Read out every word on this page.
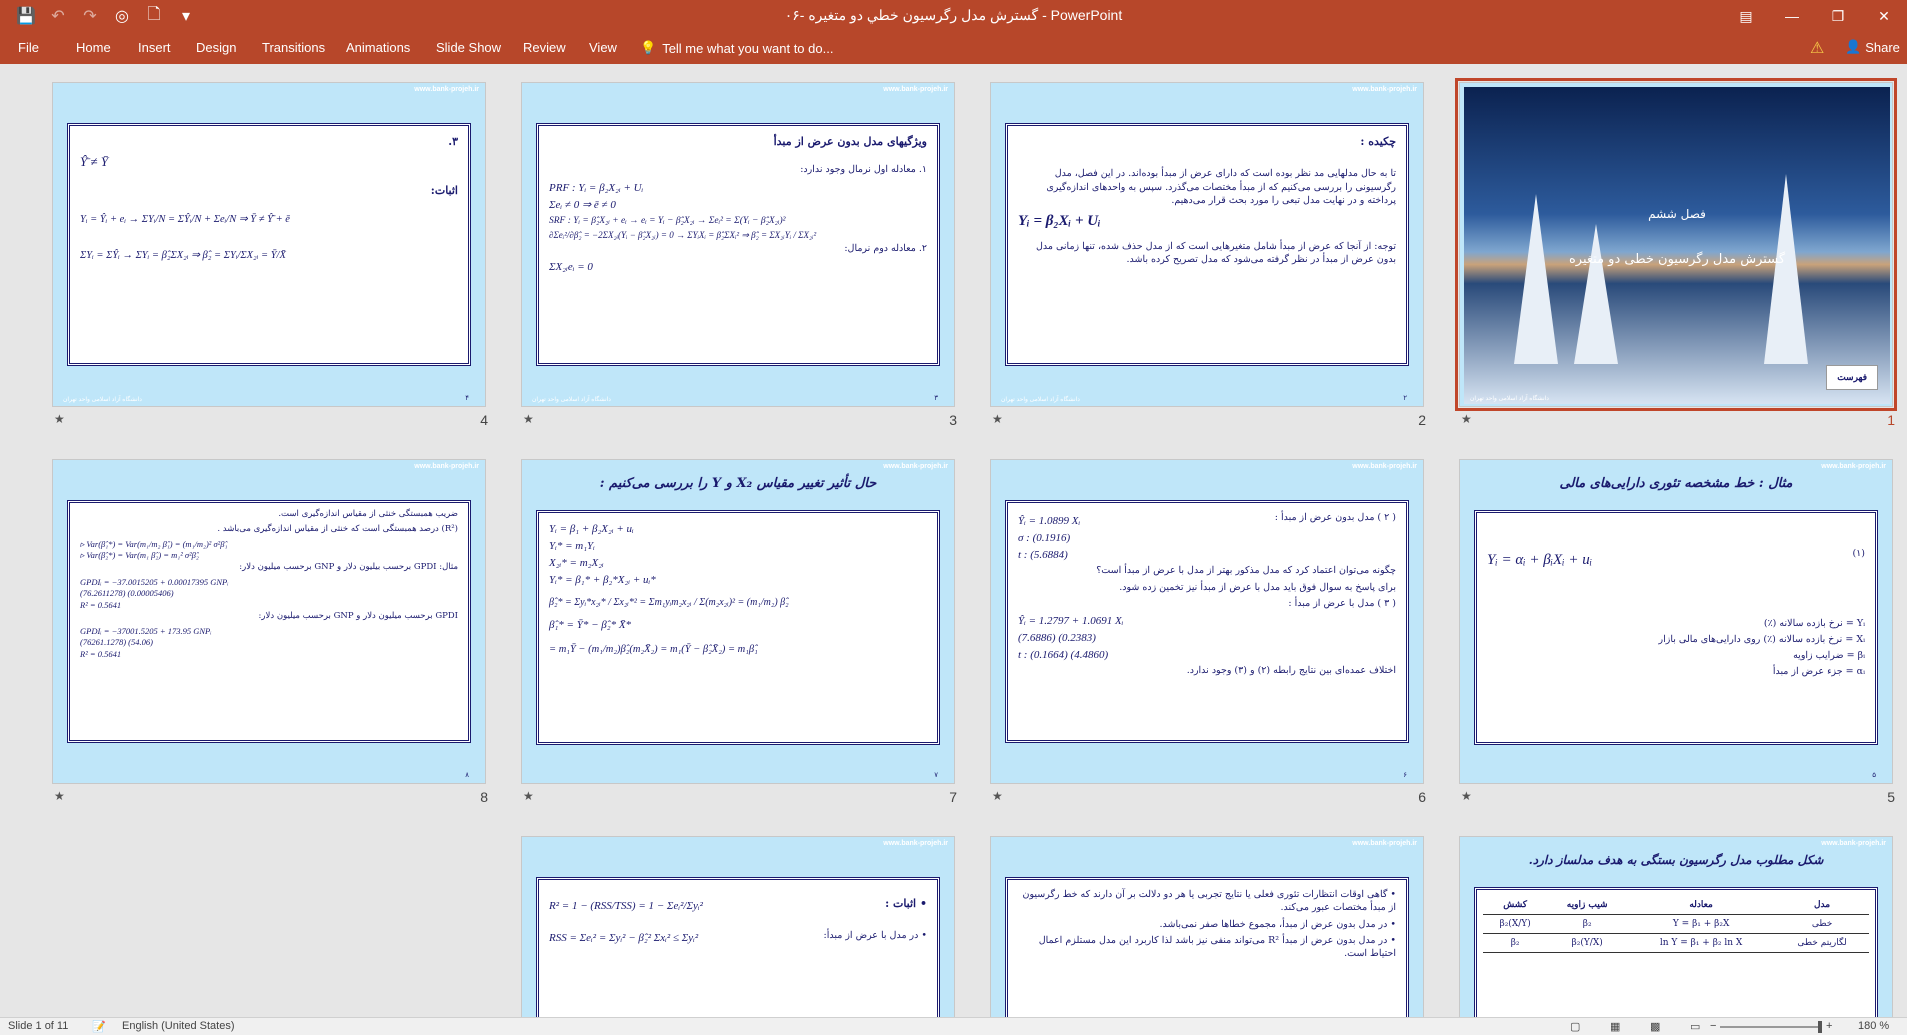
💾 ↶	↷	◎	🗋	▾	۰۶- گسترش مدل رگرسیون خطي دو متغيره - PowerPoint	▤	—	❐	✕
File	Home Insert Design Transitions Animations Slide Show Review View 💡 Tell me what you want to do...	⚠ 👤 Share
فصل ششم
گسترش مدل رگرسیون خطی دو متغیره
فهرست
دانشگاه آزاد اسلامی واحد تهران
★	1
www.bank-projeh.ir

چکیده :

تا به حال مدلهایی مد نظر بوده است که دارای عرض از مبدأ بوده‌اند. در این فصل، مدل رگرسیونی را بررسی می‌کنیم که از مبدأ مختصات می‌گذرد. سپس به واحدهای اندازه‌گیری پرداخته و در نهایت مدل تبعی را مورد بحث قرار می‌دهیم.

Yᵢ = β₂Xᵢ + Uᵢ

توجه: از آنجا که عرض از مبدأ شامل متغیرهایی است که از مدل حذف شده، تنها زمانی مدل بدون عرض از مبدأ در نظر گرفته می‌شود که مدل تصریح کرده باشد.

دانشگاه آزاد اسلامی واحد تهران	۲
★	2
www.bank-projeh.ir

ویژگیهای مدل بدون عرض از مبدأ

۱. معادله اول نرمال وجود ندارد:

PRF : Yᵢ = β₂X₂ᵢ + Uᵢ
Σeᵢ ≠ 0 ⇒ ē ≠ 0
SRF : Yᵢ = β̂₂X₂ᵢ + eᵢ → eᵢ = Yᵢ − β̂₂X₂ᵢ → Σeᵢ² = Σ(Yᵢ − β̂₂X₂ᵢ)²
∂Σeᵢ²/∂β̂₂ = −2ΣX₂ᵢ(Yᵢ − β̂₂X₂ᵢ) = 0 → ΣYᵢXᵢ = β̂₂ΣXᵢ² ⇒ β̂₂ = ΣX₂ᵢYᵢ / ΣX₂ᵢ²

۲. معادله دوم نرمال:

ΣX₂ᵢeᵢ = 0
دانشگاه آزاد اسلامی واحد تهران	۳
★	3
www.bank-projeh.ir

۳.

Ŷ̄ ≠ Ȳ

اثبات:

Yᵢ = Ŷᵢ + eᵢ → ΣYᵢ/N = ΣŶᵢ/N + Σeᵢ/N ⇒ Ȳ ≠ Ŷ̄ + ē
ΣYᵢ = ΣŶᵢ → ΣYᵢ = β̂₂ΣX₂ᵢ ⇒ β̂₂ = ΣYᵢ/ΣX₂ᵢ = Ȳ/X̄
دانشگاه آزاد اسلامی واحد تهران	۴
★	4
www.bank-projeh.ir
مثال : خط مشخصه تئوری دارایی‌های مالی

(۱)

Yᵢ = αᵢ + βᵢXᵢ + uᵢ

Yᵢ = نرخ بازده سالانه (٪)

Xᵢ = نرخ بازده سالانه (٪) روی دارایی‌های مالی بازار

βᵢ = ضرایب زاویه

αᵢ = جزء عرض از مبدأ

۵
★	5
www.bank-projeh.ir

( ۲ ) مدل بدون عرض از مبدأ :

Ŷᵢ = 1.0899 Xᵢ
σ : (0.1916)
t : (5.6884)

چگونه می‌توان اعتماد کرد که مدل مذکور بهتر از مدل با عرض از مبدأ است؟

برای پاسخ به سوال فوق باید مدل با عرض از مبدأ نیز تخمین زده شود.

( ۳ ) مدل با عرض از مبدأ :

Ŷᵢ = 1.2797 + 1.0691 Xᵢ
(7.6886) (0.2383)
t : (0.1664) (4.4860)

اختلاف عمده‌ای بین نتایج رابطه (۲) و (۳) وجود ندارد.

۶
★	6
www.bank-projeh.ir
حال تأثیر تغییر مقیاس X₂ و Y را بررسی می‌کنیم :
Yᵢ = β₁ + β₂X₂ᵢ + uᵢ
Yᵢ* = m₁Yᵢ
X₂ᵢ* = m₂X₂ᵢ
Yᵢ* = β₁* + β₂*X₂ᵢ + uᵢ*
β̂₂* = Σyᵢ*x₂ᵢ* / Σx₂ᵢ*² = Σm₁yᵢm₂x₂ᵢ / Σ(m₂x₂ᵢ)² = (m₁/m₂) β̂₂
β̂₁* = Ȳ* − β̂₂* X̄*
= m₁Ȳ − (m₁/m₂)β̂₂(m₂X̄₂) = m₁(Ȳ − β̂₂X̄₂) = m₁β̂₁
۷
★	7
www.bank-projeh.ir

ضریب همبستگی خنثی از مقیاس اندازه‌گیری است.

(R²) درصد همبستگی است که خنثی از مقیاس اندازه‌گیری می‌باشد .

▹ Var(β̂₁*) = Var(m₁/m₂ β̂₁) = (m₁/m₂)² σ²β̂₁
▹ Var(β̂₂*) = Var(m₁ β̂₂) = m₁² σ²β̂₂

مثال: GPDI برحسب بیلیون دلار و GNP برحسب میلیون دلار:

GPDIᵢ = −37.0015205 + 0.00017395 GNPᵢ
(76.2611278) (0.00005406)
R² = 0.5641

GPDI برحسب میلیون دلار و GNP برحسب میلیون دلار:

GPDIᵢ = −37001.5205 + 173.95 GNPᵢ
(76261.1278) (54.06)
R² = 0.5641
۸
★	8
www.bank-projeh.ir
شکل مطلوب مدل رگرسیون بستگی به هدف مدلساز دارد.
مدل	معادله	شیب زاویه	کشش
خطی	Y = β₁ + β₂X	β₂	β₂(X/Y)
لگاریتم خطی	ln Y = β₁ + β₂ ln X	β₂(Y/X)	β₂
www.bank-projeh.ir

• گاهی اوقات انتظارات تئوری فعلی یا نتایج تجربی یا هر دو دلالت بر آن دارند که خط رگرسیون از مبدأ مختصات عبور می‌کند.

• در مدل بدون عرض از مبدأ، مجموع خطاها صفر نمی‌باشد.

• در مدل بدون عرض از مبدأ R² می‌تواند منفی نیز باشد لذا کاربرد این مدل مستلزم اعمال احتیاط است.

www.bank-projeh.ir

• اثبات :

R² = 1 − (RSS/TSS) = 1 − Σeᵢ²/Σyᵢ²

• در مدل با عرض از مبدأ:

RSS = Σeᵢ² = Σyᵢ² − β̂₂² Σxᵢ² ≤ Σyᵢ²
Slide 1 of 11 📝 English (United States)	▢	▦	▩	▭ −	+ 180 %
